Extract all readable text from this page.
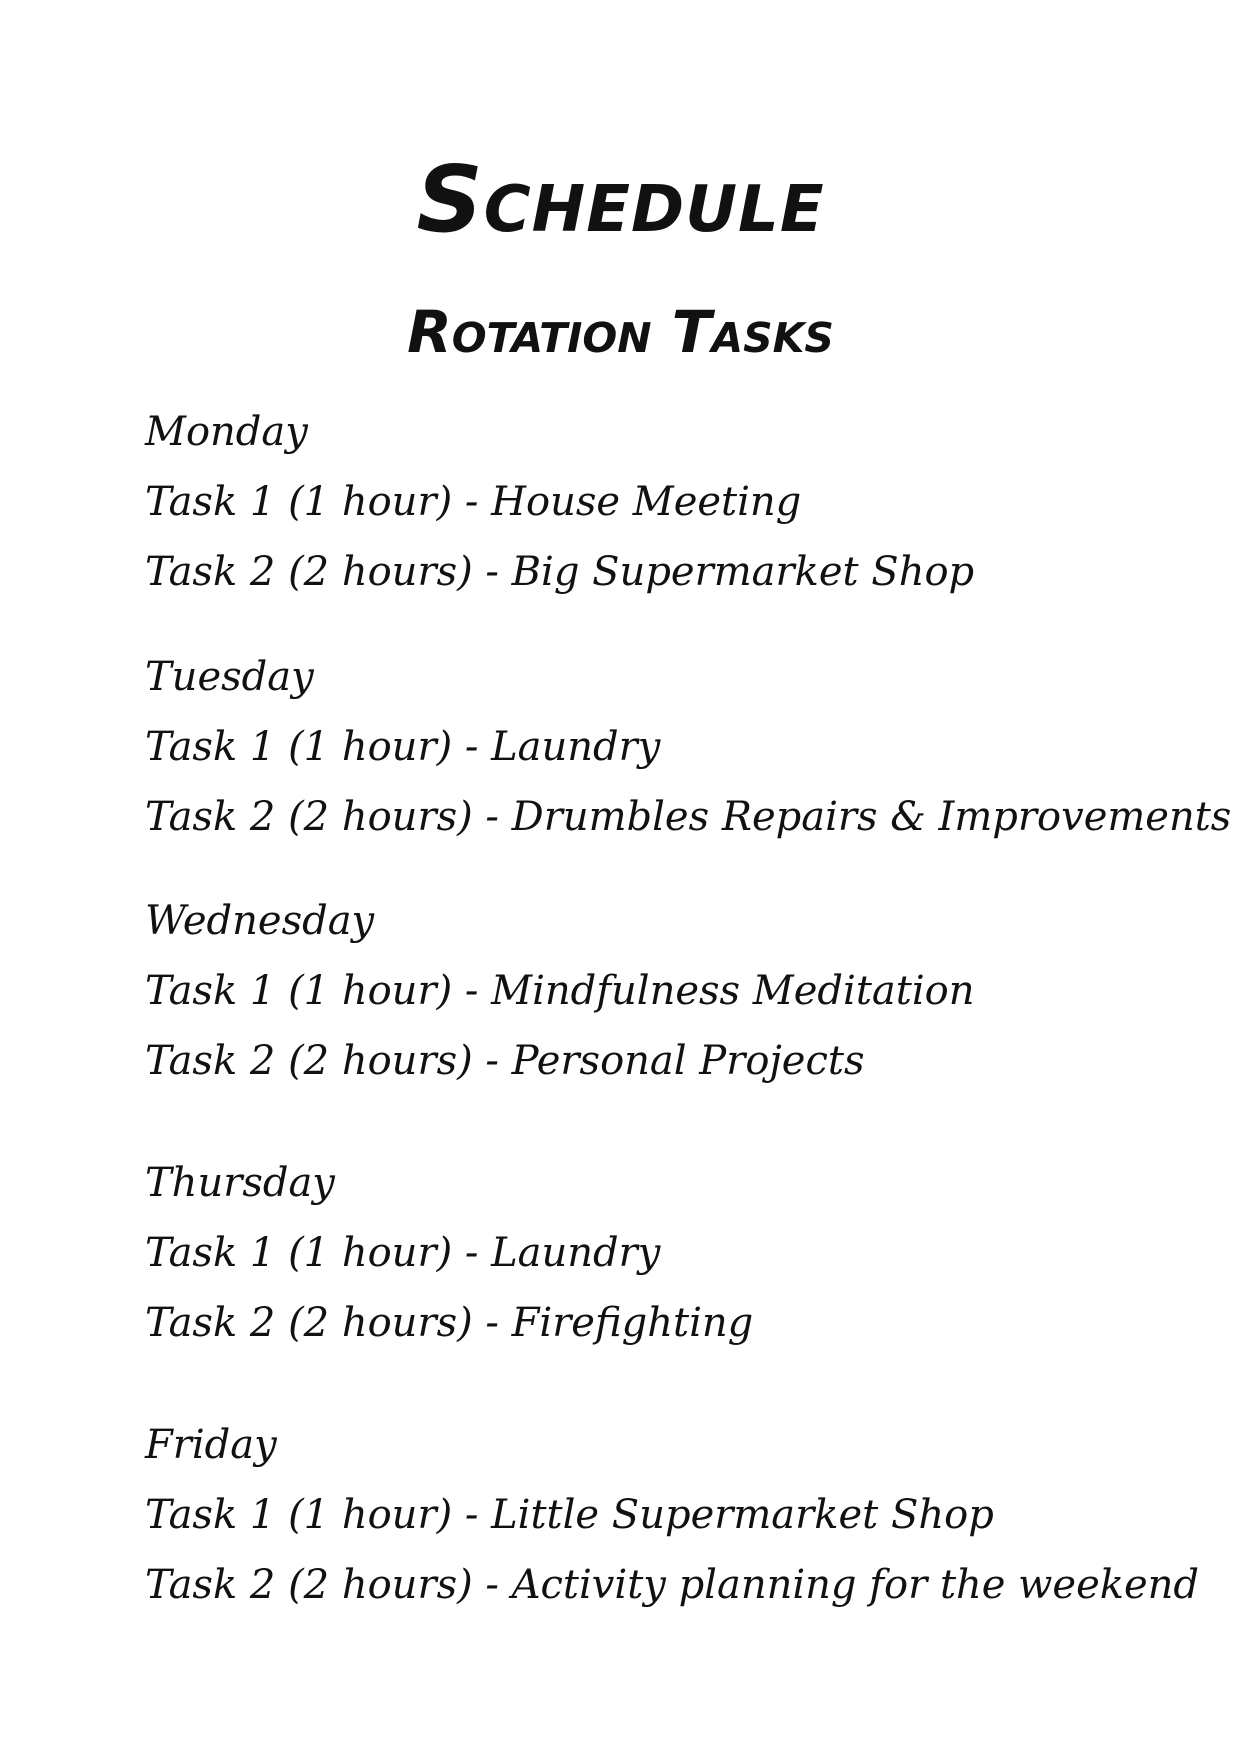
Schedule
Rotation Tasks
Monday
Task 1 (1 hour) - House Meeting
Task 2 (2 hours) - Big Supermarket Shop
Tuesday
Task 1 (1 hour) - Laundry
Task 2 (2 hours) - Drumbles Repairs & Improvements
Wednesday
Task 1 (1 hour) - Mindfulness Meditation
Task 2 (2 hours) - Personal Projects
Thursday
Task 1 (1 hour) - Laundry
Task 2 (2 hours) - Firefighting
Friday
Task 1 (1 hour) - Little Supermarket Shop
Task 2 (2 hours) - Activity planning for the weekend
